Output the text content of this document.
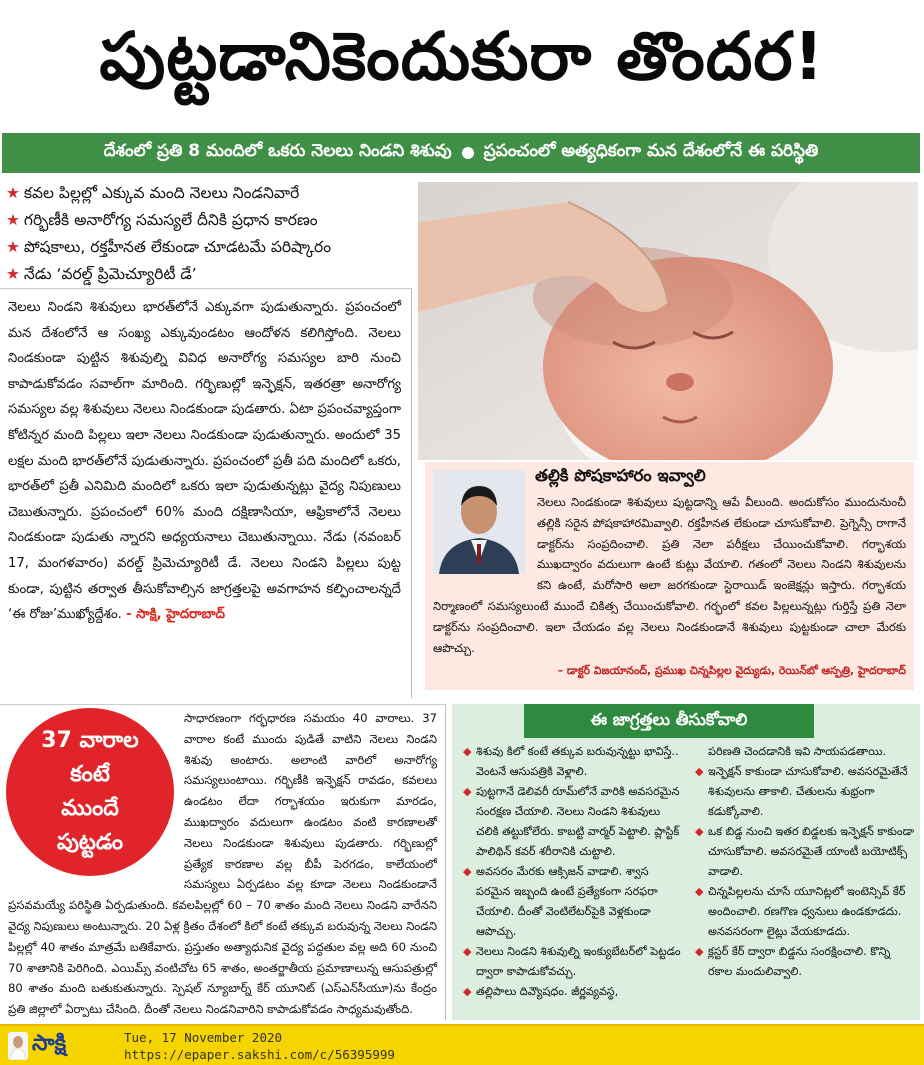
పుట్టడానికెందుకురా తొందర!
దేశంలో ప్రతి 8 మందిలో ఒకరు నెలలు నిండని శిశువు ప్రపంచంలో అత్యధికంగా మన దేశంలోనే ఈ పరిస్థితి
★ కవల పిల్లల్లో ఎక్కువ మంది నెలలు నిండనివారే
★ గర్భిణీకి అనారోగ్య సమస్యలే దీనికి ప్రధాన కారణం
★ పోషకాలు, రక్తహీనత లేకుండా చూడటమే పరిష్కారం
★ నేడు ‘వరల్డ్ ప్రిమెచ్యూరిటీ డే’
నెలలు నిండని శిశువులు భారత్‌లోనే ఎక్కువగా పుడుతున్నారు. ప్రపంచంలో మన దేశంలోనే ఆ సంఖ్య ఎక్కువుండటం ఆందోళన కలిగిస్తోంది. నెలలు నిండకుండా పుట్టిన శిశువుల్ని వివిధ అనారోగ్య సమస్యల బారి నుంచి కాపాడుకోవడం సవాల్‌గా మారింది. గర్భిణుల్లో ఇన్ఫెక్షన్, ఇతరత్రా అనారోగ్య సమస్యల వల్ల శిశువులు నెలలు నిండకుండా పుడతారు. ఏటా ప్రపంచవ్యాప్తంగా కోటిన్నర మంది పిల్లలు ఇలా నెలలు నిండకుండా పుడుతున్నారు. అందులో 35 లక్షల మంది భారత్‌లోనే పుడుతున్నారు. ప్రపంచంలో ప్రతీ పది మందిలో ఒకరు, భారత్‌లో ప్రతీ ఎనిమిది మందిలో ఒకరు ఇలా పుడుతున్నట్లు వైద్య నిపుణులు చెబుతున్నారు. ప్రపంచంలో 60% మంది దక్షిణాసియా, ఆఫ్రికాలోనే నెలలు నిండకుండా పుడుతు న్నారని అధ్యయనాలు చెబుతున్నాయి. నేడు (నవంబర్ 17, మంగళవారం) వరల్డ్ ప్రిమెచ్యూరిటీ డే. నెలలు నిండని పిల్లలు పుట్ట కుండా, పుట్టిన తర్వాత తీసుకోవాల్సిన జాగ్రత్తలపై అవగాహన కల్పించాలన్నదే ‘ఈ రోజు’ముఖ్యోద్దేశం. - సాక్షి, హైదరాబాద్
తల్లికి పోషకాహారం ఇవ్వాలి
నెలలు నిండకుండా శిశువులు పుట్టడాన్ని ఆపే వీలుంది. అందుకోసం ముందునుంచీ తల్లికి సరైన పోషకాహారమివ్వాలి. రక్తహీనత లేకుండా చూసుకోవాలి. ప్రెగ్నెన్సీ రాగానే డాక్టర్‌ను సంప్రదించాలి. ప్రతి నెలా పరీక్షలు చేయించుకోవాలి. గర్భాశయ ముఖద్వారం వదులుగా ఉంటే కుట్లు వేయాలి. గతంలో నెలలు నిండని శిశువులను కని ఉంటే, మరోసారి అలా జరగకుండా స్టెరాయిడ్ ఇంజెక్షన్లు ఇస్తారు. గర్భాశయ నిర్మాణంలో సమస్యలుంటే ముందే చికిత్స చేయించుకోవాలి. గర్భంలో కవల పిల్లలున్నట్లు గుర్తిస్తే ప్రతి నెలా డాక్టర్‌ను సంప్రదించాలి. ఇలా చేయడం వల్ల నెలలు నిండకుండానే శిశువులు పుట్టకుండా చాలా మేరకు ఆపొచ్చు.
– డాక్టర్ విజయానంద్, ప్రముఖ చిన్నపిల్లల వైద్యుడు, రెయిన్‌బో ఆస్పత్రి, హైదరాబాద్
సాధారణంగా గర్భధారణ సమయం 40 వారాలు. 37 వారాల కంటే ముందు పుడితే వాటిని నెలలు నిండని శిశువు అంటారు. అలాంటి వారిలో అనారోగ్య సమస్యలుంటాయి. గర్భిణీకి ఇన్ఫెక్షన్ రావడం, కవలలు ఉండటం లేదా గర్భాశయం ఇరుకుగా మారడం, ముఖద్వారం వదులుగా ఉండటం వంటి కారణాలతో నెలలు నిండకుండా శిశువులు పుడతారు. గర్భిణుల్లో ప్రత్యేక కారణాల వల్ల బీపీ పెరగడం, కాలేయంలో సమస్యలు ఏర్పడటం వల్ల కూడా నెలలు నిండకుండానే ప్రసవమయ్యే పరిస్థితి ఏర్పడుతుంది. కవలపిల్లల్లో 60 – 70 శాతం మంది నెలలు నిండని వారేనని వైద్య నిపుణులు అంటున్నారు. 20 ఏళ్ల క్రితం దేశంలో కిలో కంటే తక్కువ బరువున్న నెలలు నిండని పిల్లల్లో 40 శాతం మాత్రమే బతికేవారు. ప్రస్తుతం అత్యాధునిక వైద్య పద్ధతుల వల్ల అది 60 నుంచి 70 శాతానికి పెరిగింది. ఎయిమ్స్ వంటిచోట 65 శాతం, అంతర్జాతీయ ప్రమాణాలున్న ఆసుపత్రుల్లో 80 శాతం మంది బతుకుతున్నారు. స్పెషల్ న్యూబార్న్ కేర్ యూనిట్ (ఎస్‌ఎన్‌సీయూ)ను కేంద్రం ప్రతి జిల్లాలో ఏర్పాటు చేసింది. దీంతో నెలలు నిండనివారిని కాపాడుకోవడం సాధ్యమవుతోంది.
37 వారాల
కంటే
ముందే
పుట్టడం
ఈ జాగ్రత్తలు తీసుకోవాలి
◆ శిశువు కిలో కంటే తక్కువ బరువున్నట్టు భావిస్తే.. వెంటనే ఆసుపత్రికి వెళ్లాలి.
◆ పుట్టగానే డెలివరీ రూమ్‌లోనే వారికి అవసరమైన సంరక్షణ చేయాలి. నెలలు నిండని శిశువులు చలికి తట్టుకోలేరు. కాబట్టి వార్మర్ పెట్టాలి. ప్లాస్టిక్ పాలిథిన్ కవర్ శరీరానికి చుట్టాలి.
◆ అవసరం మేరకు ఆక్సిజన్ వాడాలి. శ్వాస పరమైన ఇబ్బంది ఉంటే ప్రత్యేకంగా సరఫరా చేయాలి. దీంతో వెంటిలేటర్‌పైకి వెళ్లకుండా ఆపొచ్చు.
◆ నెలలు నిండని శిశువుల్ని ఇంక్యుబేటర్‌లో పెట్టడం ద్వారా కాపాడుకోవచ్చు.
◆ తల్లిపాలు దివ్యౌషధం. జీర్ణవ్యవస్థ,
పరిణతి చెందడానికి ఇవి సాయపడతాయి.
◆ ఇన్ఫెక్షన్ కాకుండా చూసుకోవాలి. అవసరమైతేనే శిశువులను తాకాలి. చేతులను శుభ్రంగా కడుక్కోవాలి.
◆ ఒక బిడ్డ నుంచి ఇతర బిడ్డలకు ఇన్ఫెక్షన్ కాకుండా చూసుకోవాలి. అవసరమైతే యాంటీ బయోటిక్స్ వాడాలి.
◆ చిన్నపిల్లలను చూసే యూనిట్లలో ఇంటెన్సివ్ కేర్ అందించాలి. రణగొణ ధ్వనులు ఉండకూడదు. అనవసరంగా లైట్లు వేయకూడదు.
◆ క్లస్టర్ కేర్ ద్వారా బిడ్డను సంరక్షించాలి. కొన్ని రకాల మందులివ్వాలి.
సాక్షి	Tue, 17 November 2020
https://epaper.sakshi.com/c/56395999
